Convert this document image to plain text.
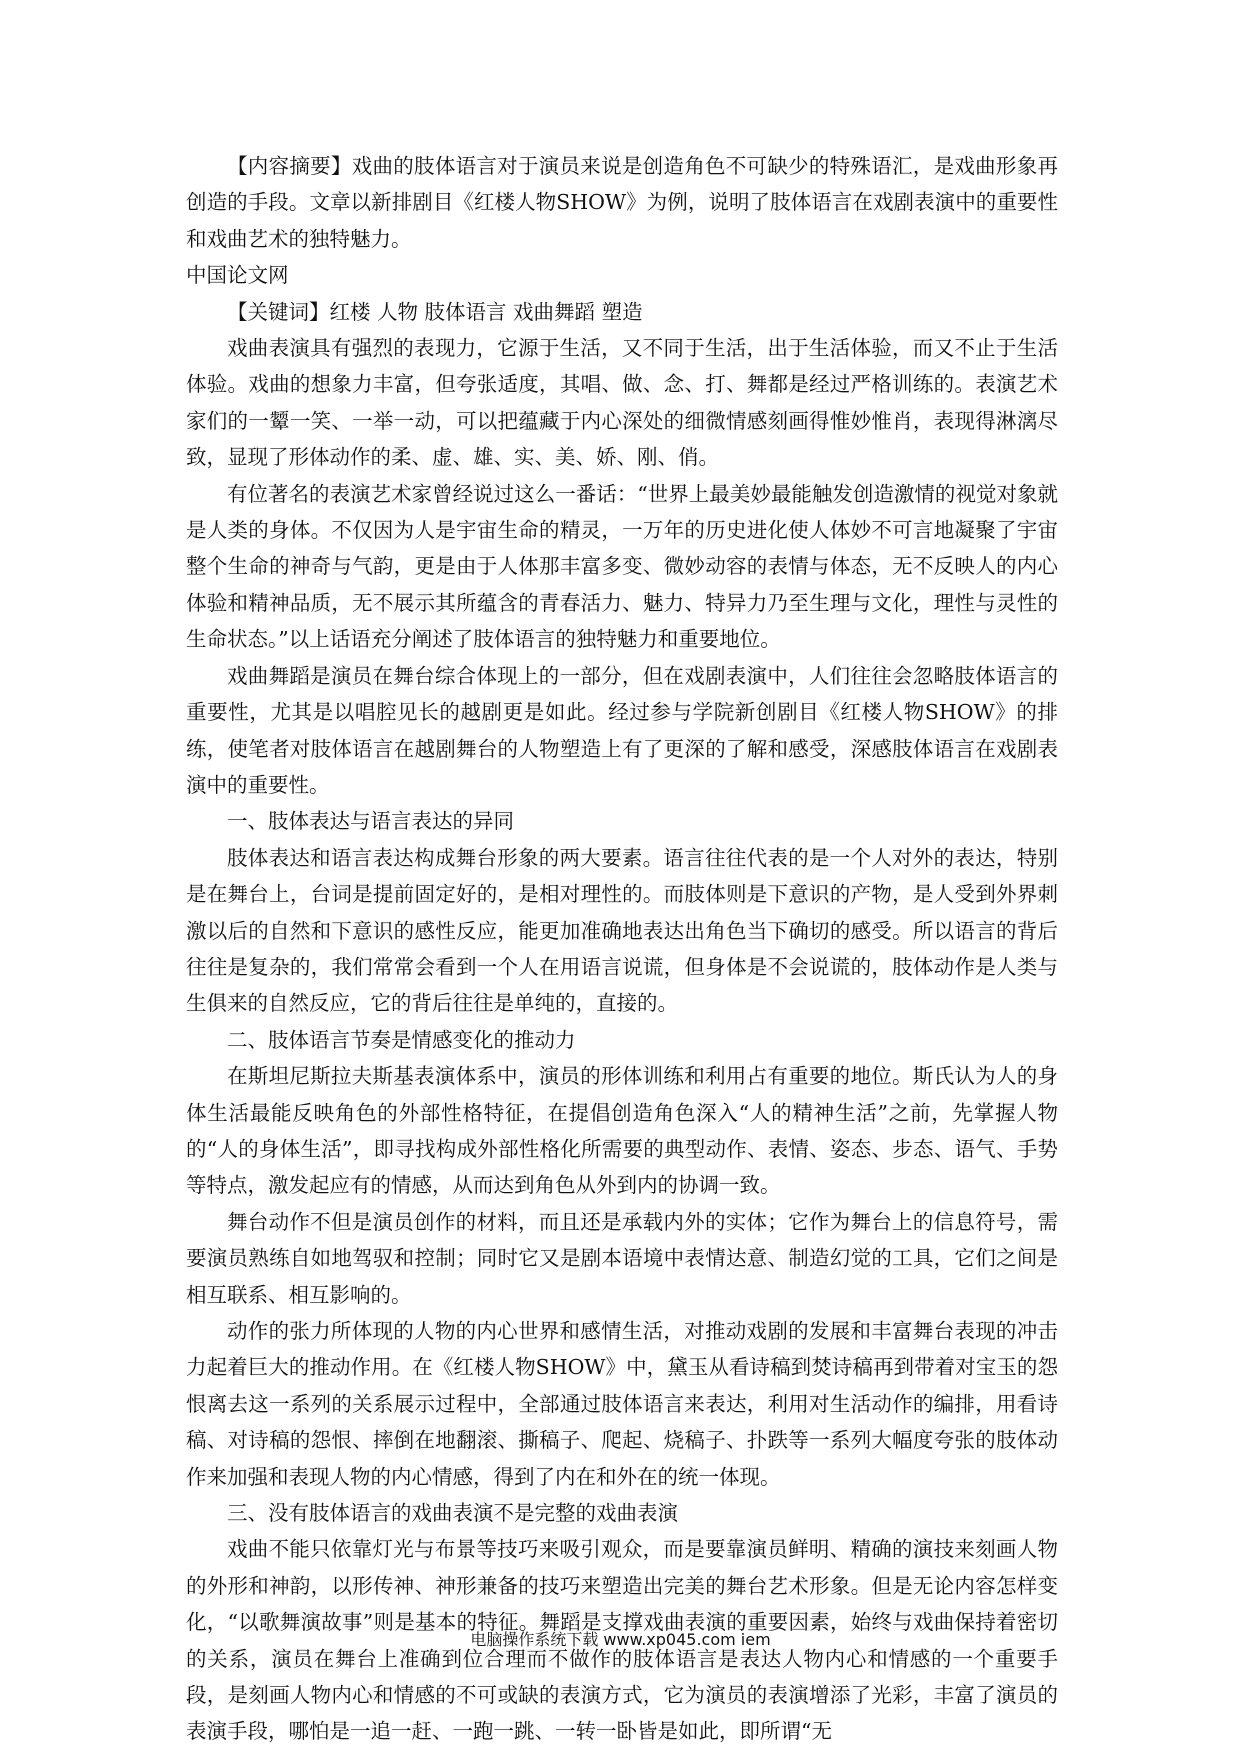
【内容摘要】戏曲的肢体语言对于演员来说是创造角色不可缺少的特殊语汇，是戏曲形象再创造的手段。文章以新排剧目《红楼人物SHOW》为例，说明了肢体语言在戏剧表演中的重要性和戏曲艺术的独特魅力。

中国论文网

【关键词】红楼 人物 肢体语言 戏曲舞蹈 塑造

戏曲表演具有强烈的表现力，它源于生活，又不同于生活，出于生活体验，而又不止于生活体验。戏曲的想象力丰富，但夸张适度，其唱、做、念、打、舞都是经过严格训练的。表演艺术家们的一颦一笑、一举一动，可以把蕴藏于内心深处的细微情感刻画得惟妙惟肖，表现得淋漓尽致，显现了形体动作的柔、虚、雄、实、美、娇、刚、俏。

有位著名的表演艺术家曾经说过这么一番话：“世界上最美妙最能触发创造激情的视觉对象就是人类的身体。不仅因为人是宇宙生命的精灵，一万年的历史进化使人体妙不可言地凝聚了宇宙整个生命的神奇与气韵，更是由于人体那丰富多变、微妙动容的表情与体态，无不反映人的内心体验和精神品质，无不展示其所蕴含的青春活力、魅力、特异力乃至生理与文化，理性与灵性的生命状态。”以上话语充分阐述了肢体语言的独特魅力和重要地位。

戏曲舞蹈是演员在舞台综合体现上的一部分，但在戏剧表演中，人们往往会忽略肢体语言的重要性，尤其是以唱腔见长的越剧更是如此。经过参与学院新创剧目《红楼人物SHOW》的排练，使笔者对肢体语言在越剧舞台的人物塑造上有了更深的了解和感受，深感肢体语言在戏剧表演中的重要性。

一、肢体表达与语言表达的异同

肢体表达和语言表达构成舞台形象的两大要素。语言往往代表的是一个人对外的表达，特别是在舞台上，台词是提前固定好的，是相对理性的。而肢体则是下意识的产物，是人受到外界刺激以后的自然和下意识的感性反应，能更加准确地表达出角色当下确切的感受。所以语言的背后往往是复杂的，我们常常会看到一个人在用语言说谎，但身体是不会说谎的，肢体动作是人类与生俱来的自然反应，它的背后往往是单纯的，直接的。

二、肢体语言节奏是情感变化的推动力

在斯坦尼斯拉夫斯基表演体系中，演员的形体训练和利用占有重要的地位。斯氏认为人的身体生活最能反映角色的外部性格特征，在提倡创造角色深入“人的精神生活”之前，先掌握人物的“人的身体生活”，即寻找构成外部性格化所需要的典型动作、表情、姿态、步态、语气、手势等特点，激发起应有的情感，从而达到角色从外到内的协调一致。

舞台动作不但是演员创作的材料，而且还是承载内外的实体；它作为舞台上的信息符号，需要演员熟练自如地驾驭和控制；同时它又是剧本语境中表情达意、制造幻觉的工具，它们之间是相互联系、相互影响的。

动作的张力所体现的人物的内心世界和感情生活，对推动戏剧的发展和丰富舞台表现的冲击力起着巨大的推动作用。在《红楼人物SHOW》中，黛玉从看诗稿到焚诗稿再到带着对宝玉的怨恨离去这一系列的关系展示过程中，全部通过肢体语言来表达，利用对生活动作的编排，用看诗稿、对诗稿的怨恨、摔倒在地翻滚、撕稿子、爬起、烧稿子、扑跌等一系列大幅度夸张的肢体动作来加强和表现人物的内心情感，得到了内在和外在的统一体现。

三、没有肢体语言的戏曲表演不是完整的戏曲表演

戏曲不能只依靠灯光与布景等技巧来吸引观众，而是要靠演员鲜明、精确的演技来刻画人物的外形和神韵，以形传神、神形兼备的技巧来塑造出完美的舞台艺术形象。但是无论内容怎样变化，“以歌舞演故事”则是基本的特征。舞蹈是支撑戏曲表演的重要因素，始终与戏曲保持着密切的关系，演员在舞台上准确到位合理而不做作的肢体语言是表达人物内心和情感的一个重要手段，是刻画人物内心和情感的不可或缺的表演方式，它为演员的表演增添了光彩，丰富了演员的表演手段，哪怕是一追一赶、一跑一跳、一转一卧皆是如此，即所谓“无

电脑操作系统下载 www.xp045.com iem
